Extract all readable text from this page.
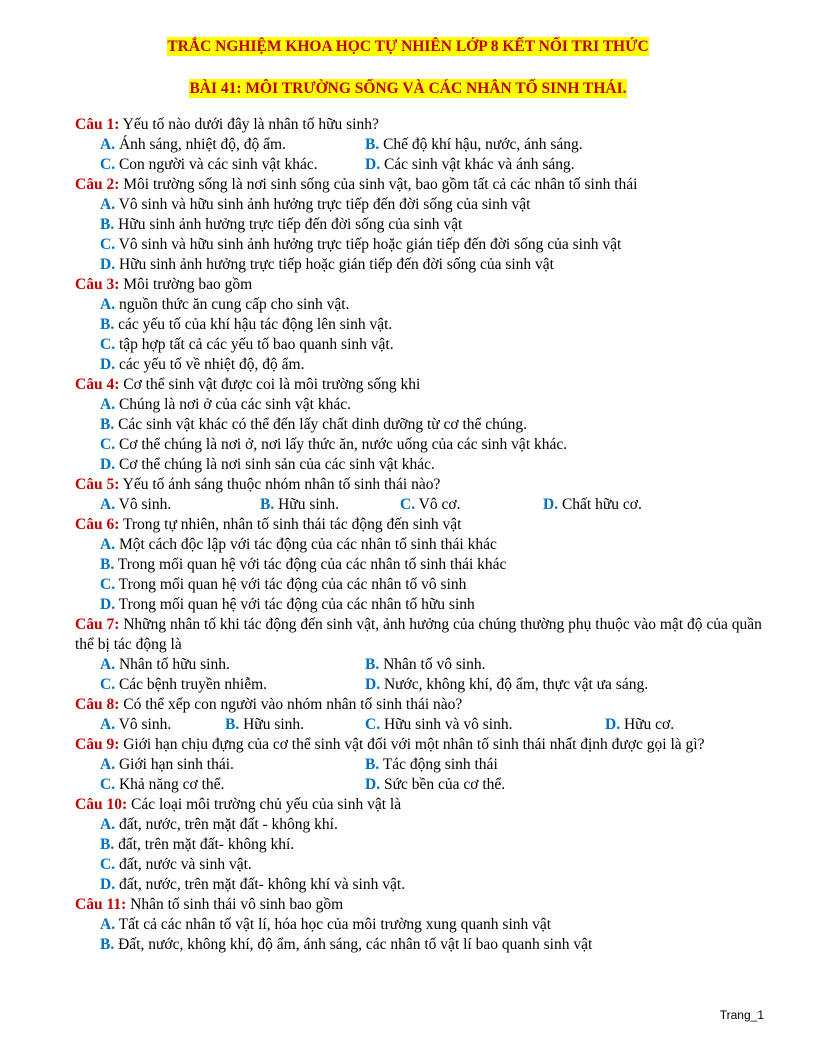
TRẮC NGHIỆM KHOA HỌC TỰ NHIÊN LỚP 8 KẾT NỐI TRI THỨC
BÀI 41: MÔI TRƯỜNG SỐNG VÀ CÁC NHÂN TỐ SINH THÁI.
Câu 1: Yếu tố nào dưới đây là nhân tố hữu sinh?
A. Ánh sáng, nhiệt độ, độ ẩm.	B. Chế độ khí hậu, nước, ánh sáng.
C. Con người và các sinh vật khác.	D. Các sinh vật khác và ánh sáng.
Câu 2: Môi trường sống là nơi sinh sống của sinh vật, bao gồm tất cả các nhân tố sinh thái
A. Vô sinh và hữu sinh ảnh hưởng trực tiếp đến đời sống của sinh vật
B. Hữu sinh ảnh hưởng trực tiếp đến đời sống của sinh vật
C. Vô sinh và hữu sinh ảnh hưởng trực tiếp hoặc gián tiếp đến đời sống của sinh vật
D. Hữu sinh ảnh hưởng trực tiếp hoặc gián tiếp đến đời sống của sinh vật
Câu 3: Môi trường bao gồm
A. nguồn thức ăn cung cấp cho sinh vật.
B. các yếu tố của khí hậu tác động lên sinh vật.
C. tập hợp tất cả các yếu tố bao quanh sinh vật.
D. các yếu tố về nhiệt độ, độ ẩm.
Câu 4: Cơ thể sinh vật được coi là môi trường sống khi
A. Chúng là nơi ở của các sinh vật khác.
B. Các sinh vật khác có thể đến lấy chất dinh dưỡng từ cơ thể chúng.
C. Cơ thể chúng là nơi ở, nơi lấy thức ăn, nước uống của các sinh vật khác.
D. Cơ thể chúng là nơi sinh sản của các sinh vật khác.
Câu 5: Yếu tố ánh sáng thuộc nhóm nhân tố sinh thái nào?
A. Vô sinh.	B. Hữu sinh.	C. Vô cơ.	D. Chất hữu cơ.
Câu 6: Trong tự nhiên, nhân tố sinh thái tác động đến sinh vật
A. Một cách độc lập với tác động của các nhân tố sinh thái khác
B. Trong mối quan hệ với tác động của các nhân tố sinh thái khác
C. Trong mối quan hệ với tác động của các nhân tố vô sinh
D. Trong mối quan hệ với tác động của các nhân tố hữu sinh
Câu 7: Những nhân tố khi tác động đến sinh vật, ảnh hưởng của chúng thường phụ thuộc vào mật độ của quần thể bị tác động là
A. Nhân tố hữu sinh.	B. Nhân tố vô sinh.
C. Các bệnh truyền nhiễm.	D. Nước, không khí, độ ẩm, thực vật ưa sáng.
Câu 8: Có thể xếp con người vào nhóm nhân tố sinh thái nào?
A. Vô sinh.	B. Hữu sinh.	C. Hữu sinh và vô sinh.	D. Hữu cơ.
Câu 9: Giới hạn chịu đựng của cơ thể sinh vật đối với một nhân tố sinh thái nhất định được gọi là gì?
A. Giới hạn sinh thái.	B. Tác động sinh thái
C. Khả năng cơ thể.	D. Sức bền của cơ thể.
Câu 10: Các loại môi trường chủ yếu của sinh vật là
A. đất, nước, trên mặt đất - không khí.
B. đất, trên mặt đất- không khí.
C. đất, nước và sinh vật.
D. đất, nước, trên mặt đất- không khí và sinh vật.
Câu 11: Nhân tố sinh thái vô sinh bao gồm
A. Tất cả các nhân tố vật lí, hóa học của môi trường xung quanh sinh vật
B. Đất, nước, không khí, độ ẩm, ánh sáng, các nhân tố vật lí bao quanh sinh vật
Trang_1
